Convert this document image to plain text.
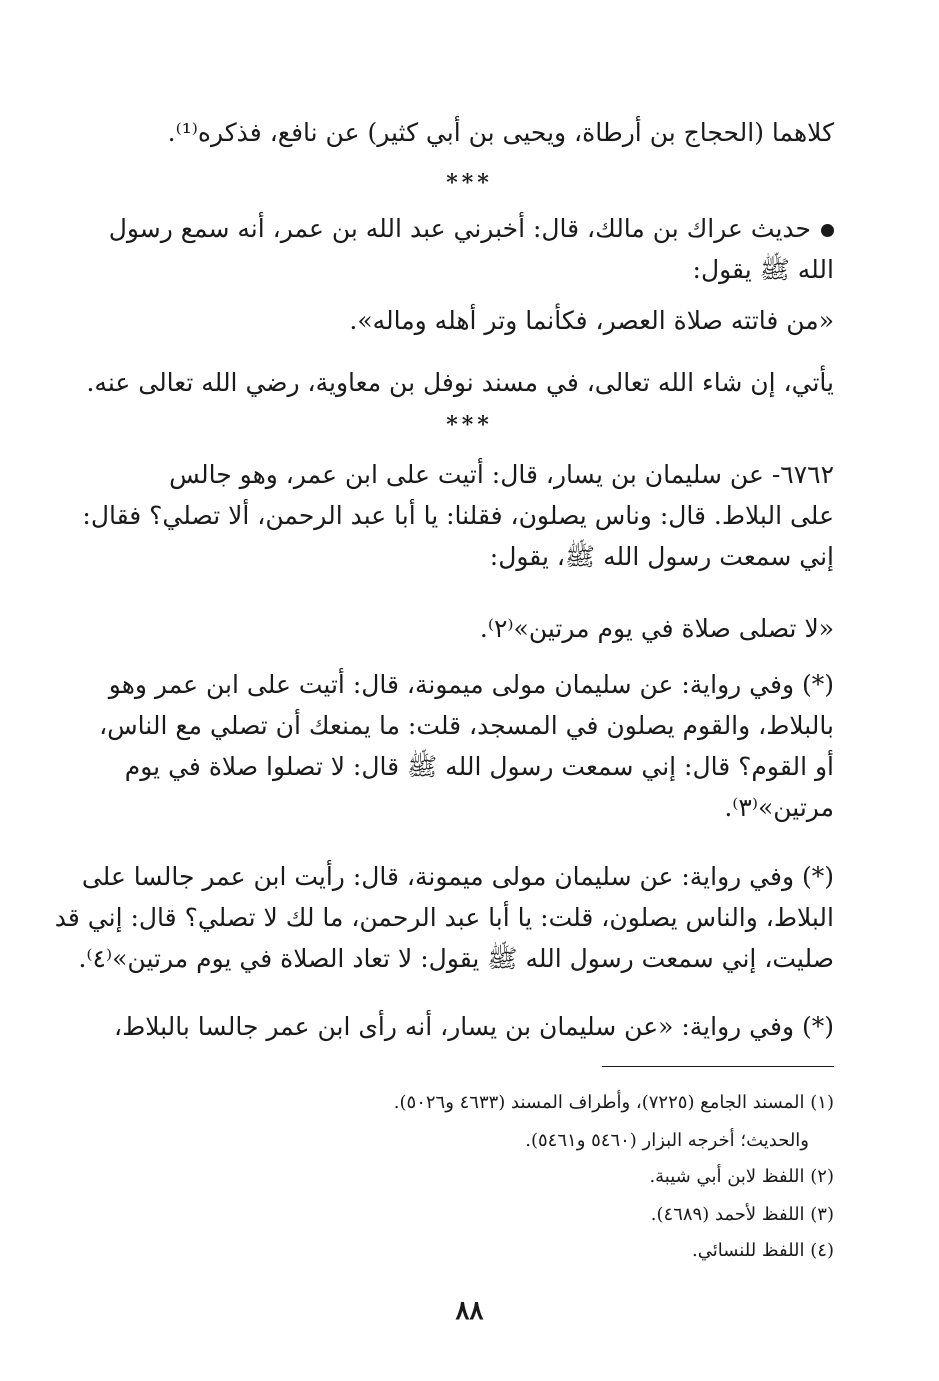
كلاهما (الحجاج بن أرطاة، ويحيى بن أبي كثير) عن نافع، فذكره⁽¹⁾.

***

حديث عراك بن مالك، قال: أخبرني عبد الله بن عمر، أنه سمع رسول
الله ﷺ يقول:

«من فاتته صلاة العصر، فكأنما وتر أهله وماله».

يأتي، إن شاء الله تعالى، في مسند نوفل بن معاوية، رضي الله تعالى عنه.

***

٦٧٦٢- عن سليمان بن يسار، قال: أتيت على ابن عمر، وهو جالس
على البلاط. قال: وناس يصلون، فقلنا: يا أبا عبد الرحمن، ألا تصلي؟ فقال:
إني سمعت رسول الله ﷺ، يقول:

«لا تصلى صلاة في يوم مرتين»⁽٢⁾.

(*) وفي رواية: عن سليمان مولى ميمونة، قال: أتيت على ابن عمر وهو
بالبلاط، والقوم يصلون في المسجد، قلت: ما يمنعك أن تصلي مع الناس،
أو القوم؟ قال: إني سمعت رسول الله ﷺ قال: لا تصلوا صلاة في يوم
مرتين»⁽٣⁾.

(*) وفي رواية: عن سليمان مولى ميمونة، قال: رأيت ابن عمر جالسا على
البلاط، والناس يصلون، قلت: يا أبا عبد الرحمن، ما لك لا تصلي؟ قال: إني قد
صليت، إني سمعت رسول الله ﷺ يقول: لا تعاد الصلاة في يوم مرتين»⁽٤⁾.

(*) وفي رواية: «عن سليمان بن يسار، أنه رأى ابن عمر جالسا بالبلاط،

(١) المسند الجامع (٧٢٢٥)، وأطراف المسند (٤٦٣٣ و٥٠٢٦).
والحديث؛ أخرجه البزار (٥٤٦٠ و٥٤٦١).
(٢) اللفظ لابن أبي شيبة.
(٣) اللفظ لأحمد (٤٦٨٩).
(٤) اللفظ للنسائي.
٨٨
